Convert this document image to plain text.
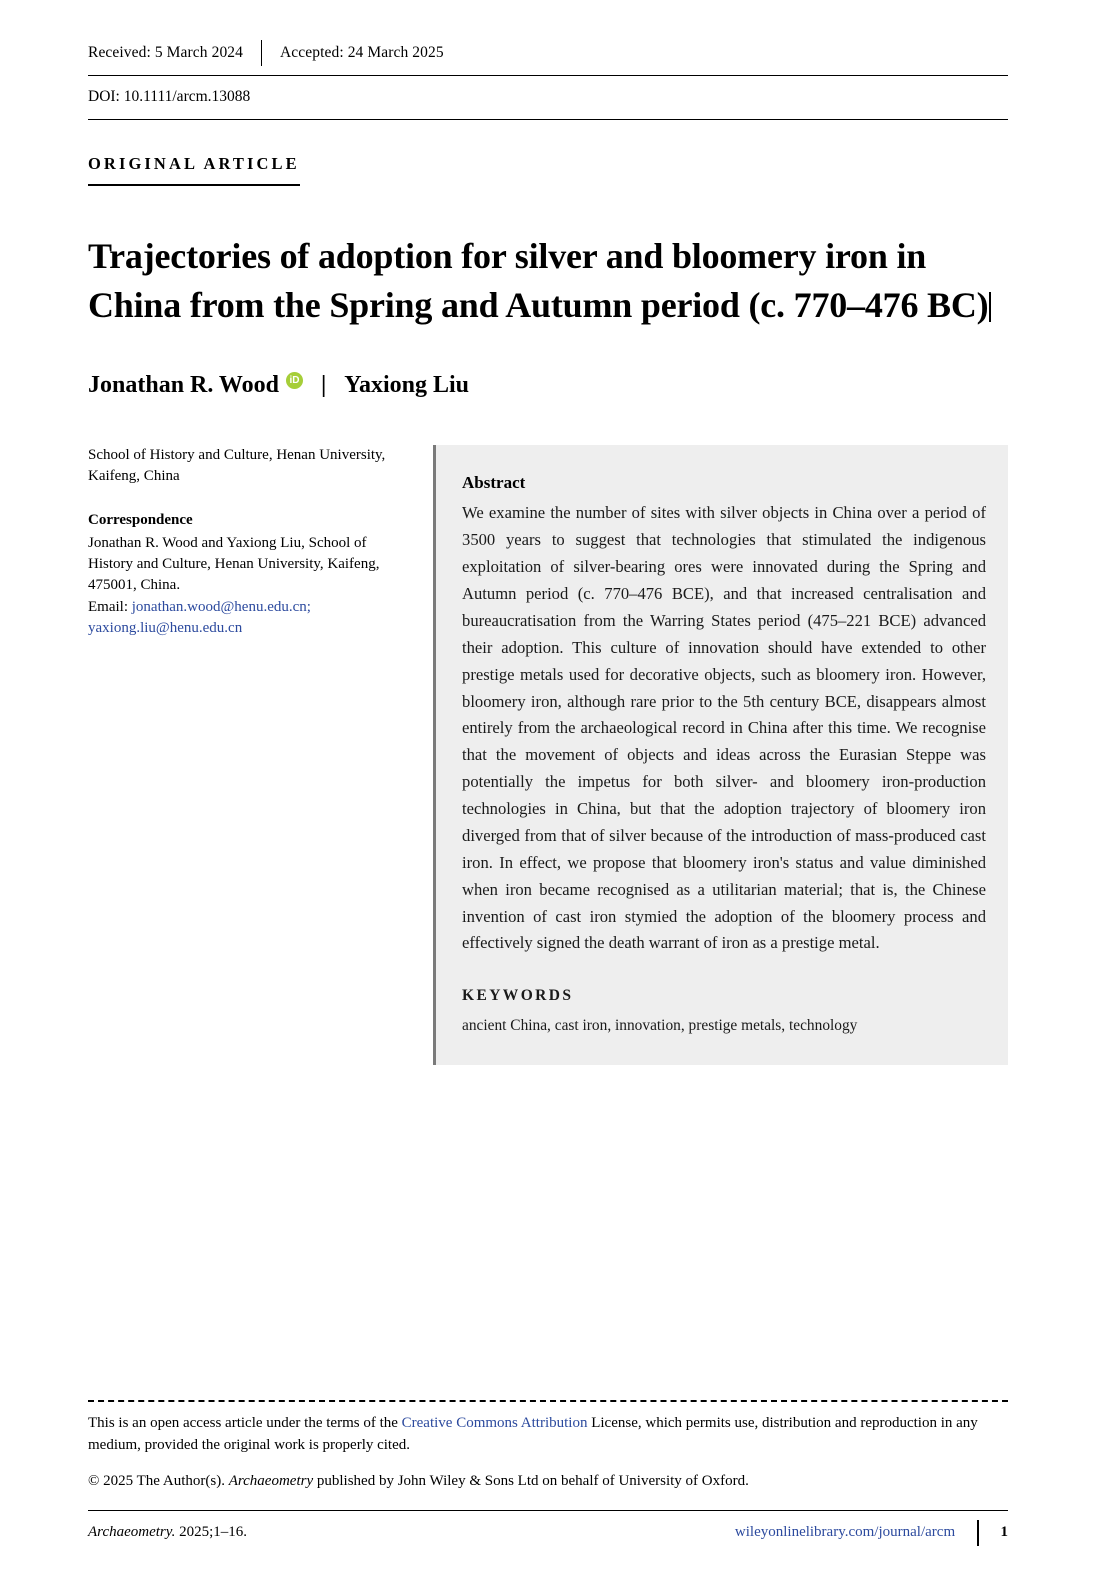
Received: 5 March 2024 Accepted: 24 March 2025
DOI: 10.1111/arcm.13088
ORIGINAL ARTICLE
Trajectories of adoption for silver and bloomery iron in China from the Spring and Autumn period (c. 770–476 BC)
Jonathan R. Wood iD | Yaxiong Liu

School of History and Culture, Henan University, Kaifeng, China

Correspondence
Jonathan R. Wood and Yaxiong Liu, School of History and Culture, Henan University, Kaifeng, 475001, China.
Email: jonathan.wood@henu.edu.cn;
yaxiong.liu@henu.edu.cn
Abstract

We examine the number of sites with silver objects in China over a period of 3500 years to suggest that technologies that stimulated the indigenous exploitation of silver-bearing ores were innovated during the Spring and Autumn period (c. 770–476 BCE), and that increased centralisation and bureaucratisation from the Warring States period (475–221 BCE) advanced their adoption. This culture of innovation should have extended to other prestige metals used for decorative objects, such as bloomery iron. However, bloomery iron, although rare prior to the 5th century BCE, disappears almost entirely from the archaeological record in China after this time. We recognise that the movement of objects and ideas across the Eurasian Steppe was potentially the impetus for both silver- and bloomery iron-production technologies in China, but that the adoption trajectory of bloomery iron diverged from that of silver because of the introduction of mass-produced cast iron. In effect, we propose that bloomery iron's status and value diminished when iron became recognised as a utilitarian material; that is, the Chinese invention of cast iron stymied the adoption of the bloomery process and effectively signed the death warrant of iron as a prestige metal.

KEYWORDS
ancient China, cast iron, innovation, prestige metals, technology
This is an open access article under the terms of the Creative Commons Attribution License, which permits use, distribution and reproduction in any medium, provided the original work is properly cited.
© 2025 The Author(s). Archaeometry published by John Wiley & Sons Ltd on behalf of University of Oxford.
Archaeometry. 2025;1–16.	wileyonlinelibrary.com/journal/arcm	1
